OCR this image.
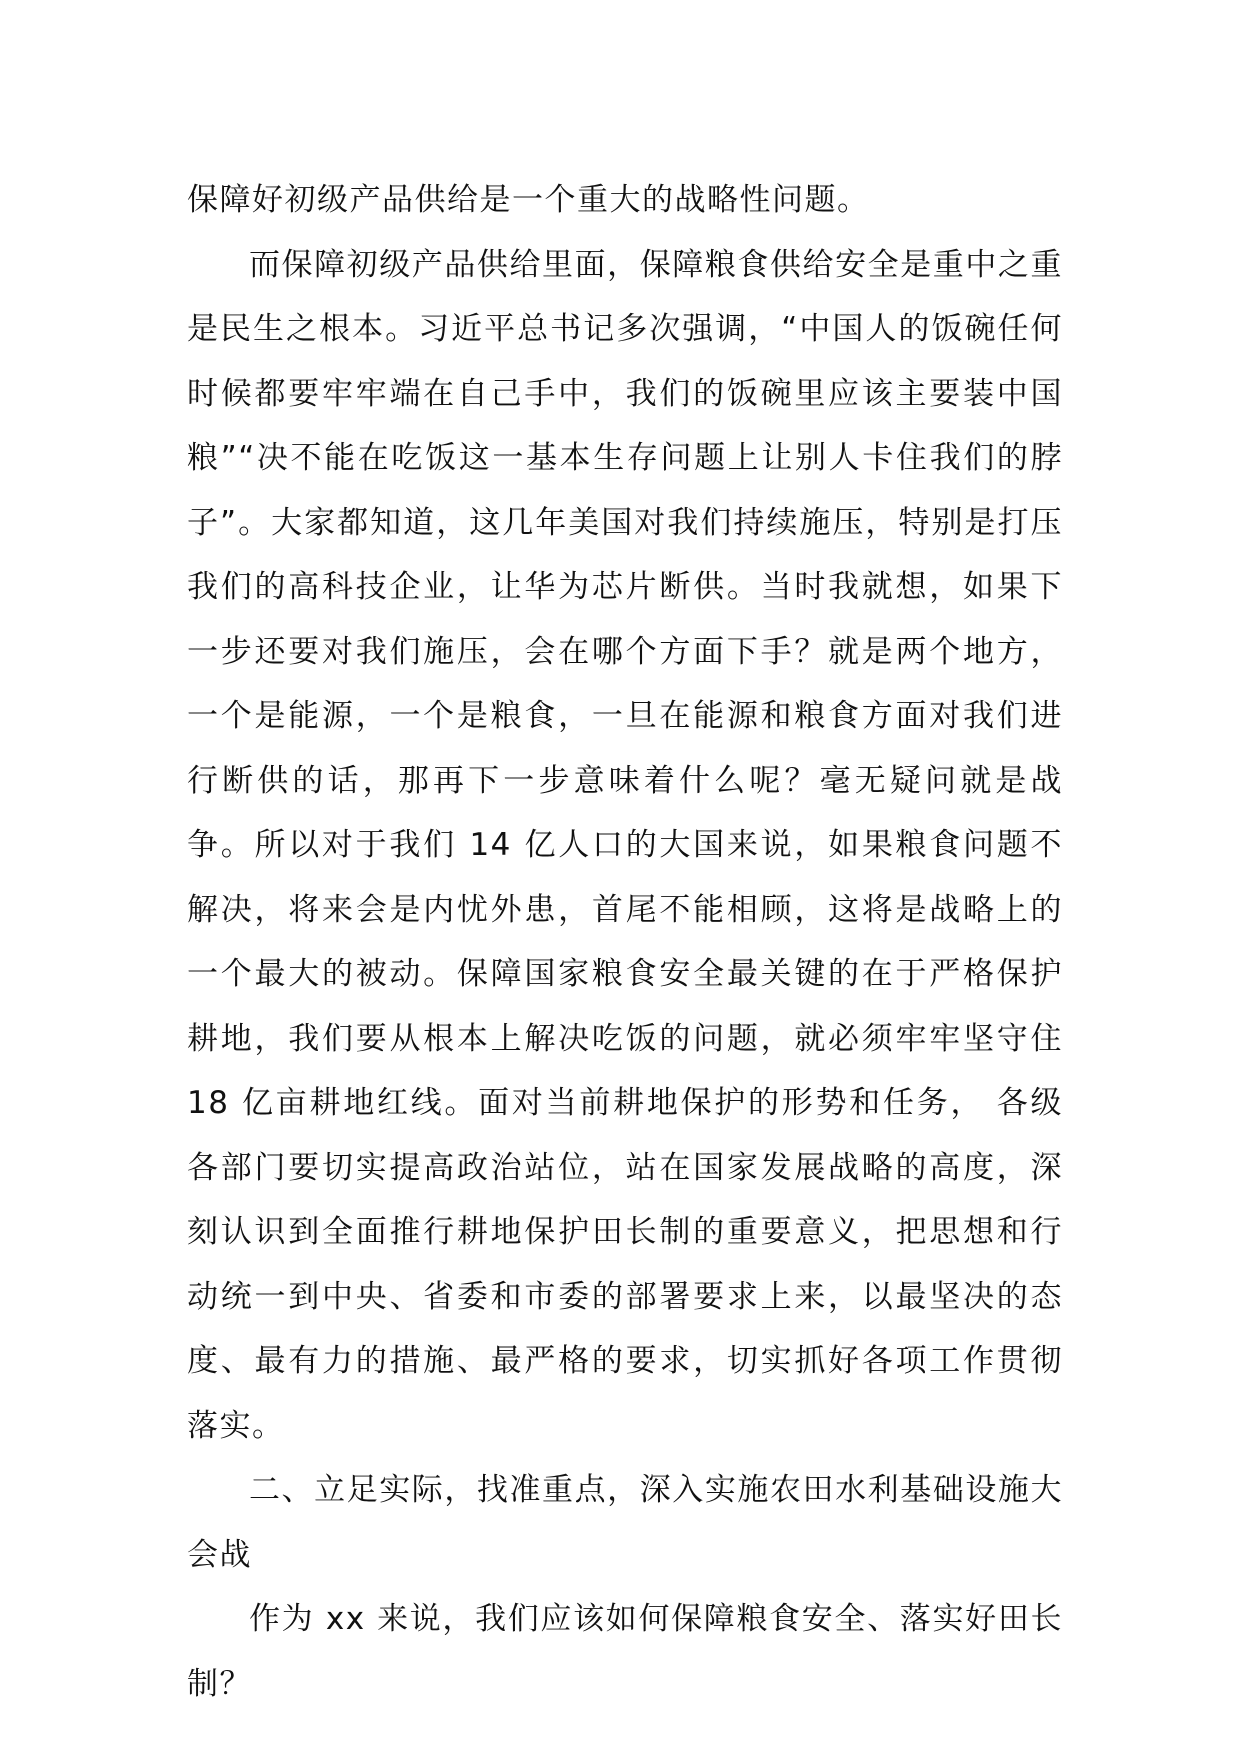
保障好初级产品供给是一个重大的战略性问题。

而保障初级产品供给里面，保障粮食供给安全是重中之重是民生之根本。习近平总书记多次强调，“中国人的饭碗任何时候都要牢牢端在自己手中，我们的饭碗里应该主要装中国粮”“决不能在吃饭这一基本生存问题上让别人卡住我们的脖子”。大家都知道，这几年美国对我们持续施压，特别是打压我们的高科技企业，让华为芯片断供。当时我就想，如果下一步还要对我们施压，会在哪个方面下手？就是两个地方，一个是能源，一个是粮食，一旦在能源和粮食方面对我们进行断供的话，那再下一步意味着什么呢？毫无疑问就是战争。所以对于我们 14 亿人口的大国来说，如果粮食问题不解决，将来会是内忧外患，首尾不能相顾，这将是战略上的一个最大的被动。保障国家粮食安全最关键的在于严格保护耕地，我们要从根本上解决吃饭的问题，就必须牢牢坚守住 18 亿亩耕地红线。面对当前耕地保护的形势和任务， 各级各部门要切实提高政治站位，站在国家发展战略的高度，深刻认识到全面推行耕地保护田长制的重要意义，把思想和行动统一到中央、省委和市委的部署要求上来，以最坚决的态度、最有力的措施、最严格的要求，切实抓好各项工作贯彻落实。

二、立足实际，找准重点，深入实施农田水利基础设施大会战

作为 xx 来说，我们应该如何保障粮食安全、落实好田长制？
